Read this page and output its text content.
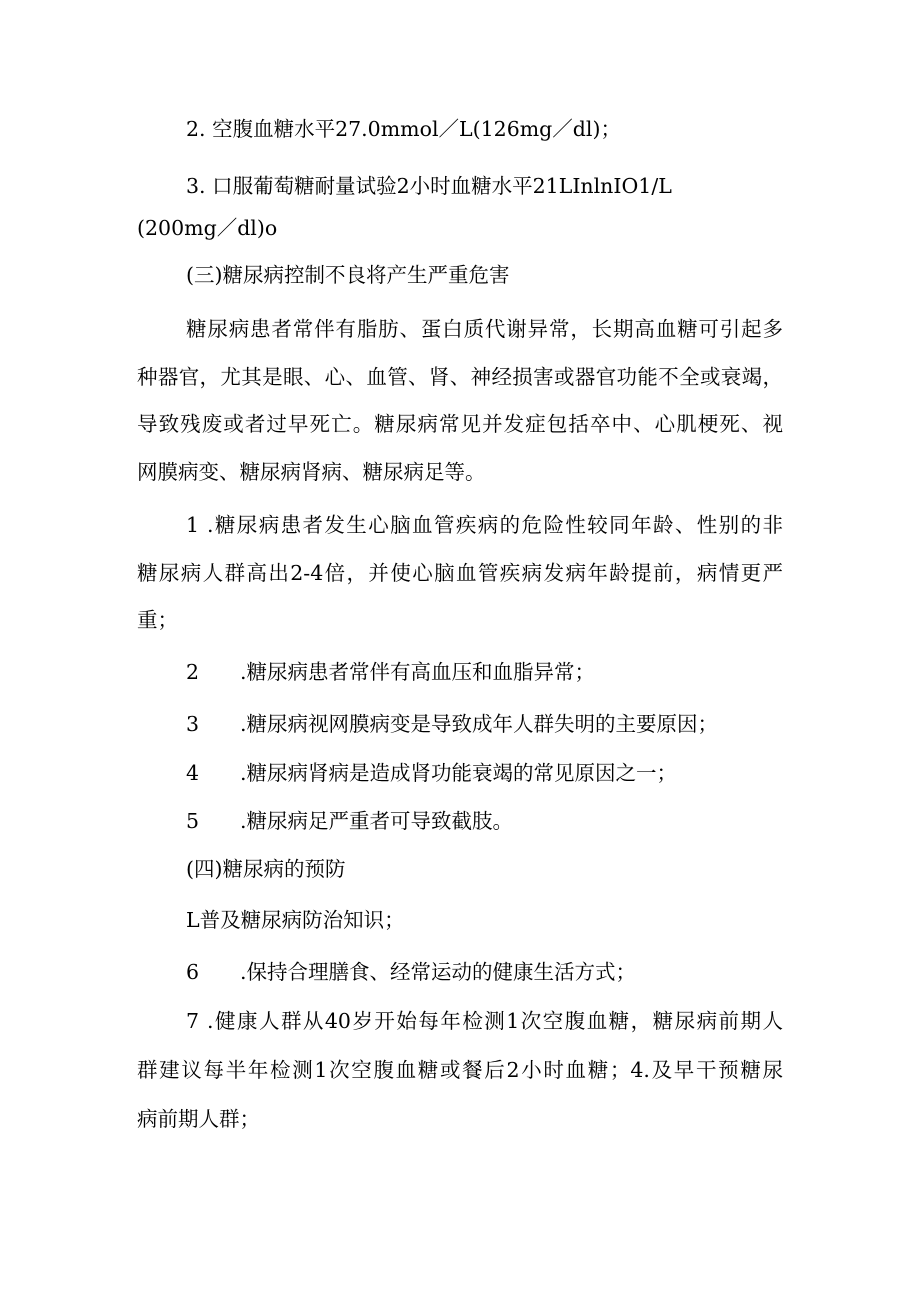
2. 空腹血糖水平27.0mmol／L(126mg／dl)；
3. 口服葡萄糖耐量试验2小时血糖水平21LInlnIO1/L
(200mg／dl)o
(三)糖尿病控制不良将产生严重危害
糖尿病患者常伴有脂肪、蛋白质代谢异常，长期高血糖可引起多
种器官，尤其是眼、心、血管、肾、神经损害或器官功能不全或衰竭，
导致残废或者过早死亡。糖尿病常见并发症包括卒中、心肌梗死、视
网膜病变、糖尿病肾病、糖尿病足等。
1 .糖尿病患者发生心脑血管疾病的危险性较同年龄、性别的非
糖尿病人群高出2-4倍，并使心脑血管疾病发病年龄提前，病情更严
重；
2 .糖尿病患者常伴有高血压和血脂异常；
3 .糖尿病视网膜病变是导致成年人群失明的主要原因；
4 .糖尿病肾病是造成肾功能衰竭的常见原因之一；
5 .糖尿病足严重者可导致截肢。
(四)糖尿病的预防
L普及糖尿病防治知识；
6 .保持合理膳食、经常运动的健康生活方式；
7 .健康人群从40岁开始每年检测1次空腹血糖，糖尿病前期人
群建议每半年检测1次空腹血糖或餐后2小时血糖；4.及早干预糖尿
病前期人群；
